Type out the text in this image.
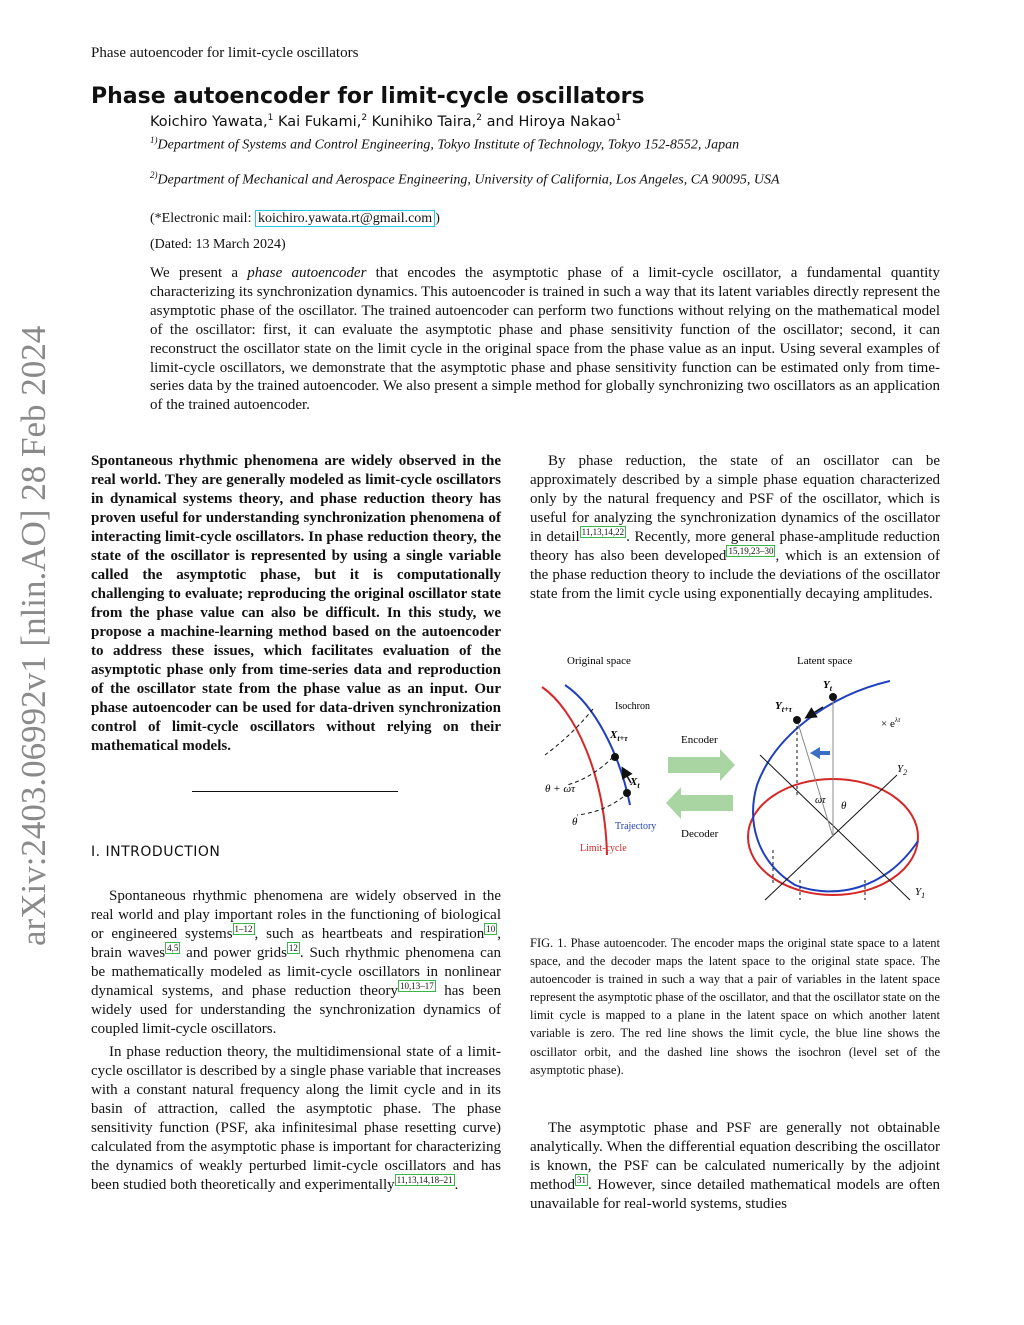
Phase autoencoder for limit-cycle oscillators
Phase autoencoder for limit-cycle oscillators
Koichiro Yawata,$^1$ Kai Fukami,$^2$ Kunihiko Taira,$^2$ and Hiroya Nakao$^1$
$^{1)}$Department of Systems and Control Engineering, Tokyo Institute of Technology, Tokyo 152-8552, Japan
$^{2)}$Department of Mechanical and Aerospace Engineering, University of California, Los Angeles, CA 90095, USA
(*Electronic mail: koichiro.yawata.rt@gmail.com )
(Dated: 13 March 2024)

We present a phase autoencoder that encodes the asymptotic phase of a limit-cycle oscillator, a fundamental quantity characterizing its synchronization dynamics. This autoencoder is trained in such a way that its latent variables directly represent the asymptotic phase of the oscillator. The trained autoencoder can perform two functions without relying on the mathematical model of the oscillator: first, it can evaluate the asymptotic phase and phase sensitivity function of the oscillator; second, it can reconstruct the oscillator state on the limit cycle in the original space from the phase value as an input. Using several examples of limit-cycle oscillators, we demonstrate that the asymptotic phase and phase sensitivity function can be estimated only from time-series data by the trained autoencoder. We also present a simple method for globally synchronizing two oscillators as an application of the trained autoencoder.

arXiv:2403.06992v1 [nlin.AO] 28 Feb 2024	Spontaneous rhythmic phenomena are widely observed in the real world. They are generally modeled as limit-cycle oscillators in dynamical systems theory, and phase reduction theory has proven useful for understanding synchronization phenomena of interacting limit-cycle oscillators. In phase reduction theory, the state of the oscillator is represented by using a single variable called the asymptotic phase, but it is computationally challenging to evaluate; reproducing the original oscillator state from the phase value can also be difficult. In this study, we propose a machine-learning method based on the autoencoder to address these issues, which facilitates evaluation of the asymptotic phase only from time-series data and reproduction of the oscillator state from the phase value as an input. Our phase autoencoder can be used for data-driven synchronization control of limit-cycle oscillators without relying on their mathematical models.

I. INTRODUCTION

Spontaneous rhythmic phenomena are widely observed in the real world and play important roles in the functioning of biological or engineered systems $^{1-12}$ , such as heartbeats and respiration $^{10}$ , brain waves $^{4,5}$ and power grids $^{12}$ . Such rhythmic phenomena can be mathematically modeled as limit-cycle oscillators in nonlinear dynamical systems, and phase reduction theory $^{10,13-17}$ has been widely used for understanding the synchronization dynamics of coupled limit-cycle oscillators.

In phase reduction theory, the multidimensional state of a limit-cycle oscillator is described by a single phase variable that increases with a constant natural frequency along the limit cycle and in its basin of attraction, called the asymptotic phase. The phase sensitivity function (PSF, aka infinitesimal phase resetting curve) calculated from the asymptotic phase is important for characterizing the dynamics of weakly perturbed limit-cycle oscillators and has been studied both theoretically and experimentally $^{11,13,14,18-21}$ .

By phase reduction, the state of an oscillator can be approximately described by a simple phase equation characterized only by the natural frequency and PSF of the oscillator, which is useful for analyzing the synchronization dynamics of the oscillator in detail $^{11,13,14,22}$ . Recently, more general phase-amplitude reduction theory has also been developed $^{15,19,23-30}$ , which is an extension of the phase reduction theory to include the deviations of the oscillator state from the limit cycle using exponentially decaying amplitudes.

Original space
Isochron
$X_{t+\tau}$
$X_t$
θ + ωτ
θ	Trajectory
Limit-cycle
Encoder
Decoder
Latent space
$Y_t$
$Y_{t+\tau}$
× $e^{\lambda\tau}$
ωτ θ
$Y_2$
$Y_1$

FIG. 1. Phase autoencoder. The encoder maps the original state space to a latent space, and the decoder maps the latent space to the original state space. The autoencoder is trained in such a way that a pair of variables in the latent space represent the asymptotic phase of the oscillator, and that the oscillator state on the limit cycle is mapped to a plane in the latent space on which another latent variable is zero. The red line shows the limit cycle, the blue line shows the oscillator orbit, and the dashed line shows the isochron (level set of the asymptotic phase).

The asymptotic phase and PSF are generally not obtainable analytically. When the differential equation describing the oscillator is known, the PSF can be calculated numerically by the adjoint method $^{31}$ . However, since detailed mathematical models are often unavailable for real-world systems, studies
